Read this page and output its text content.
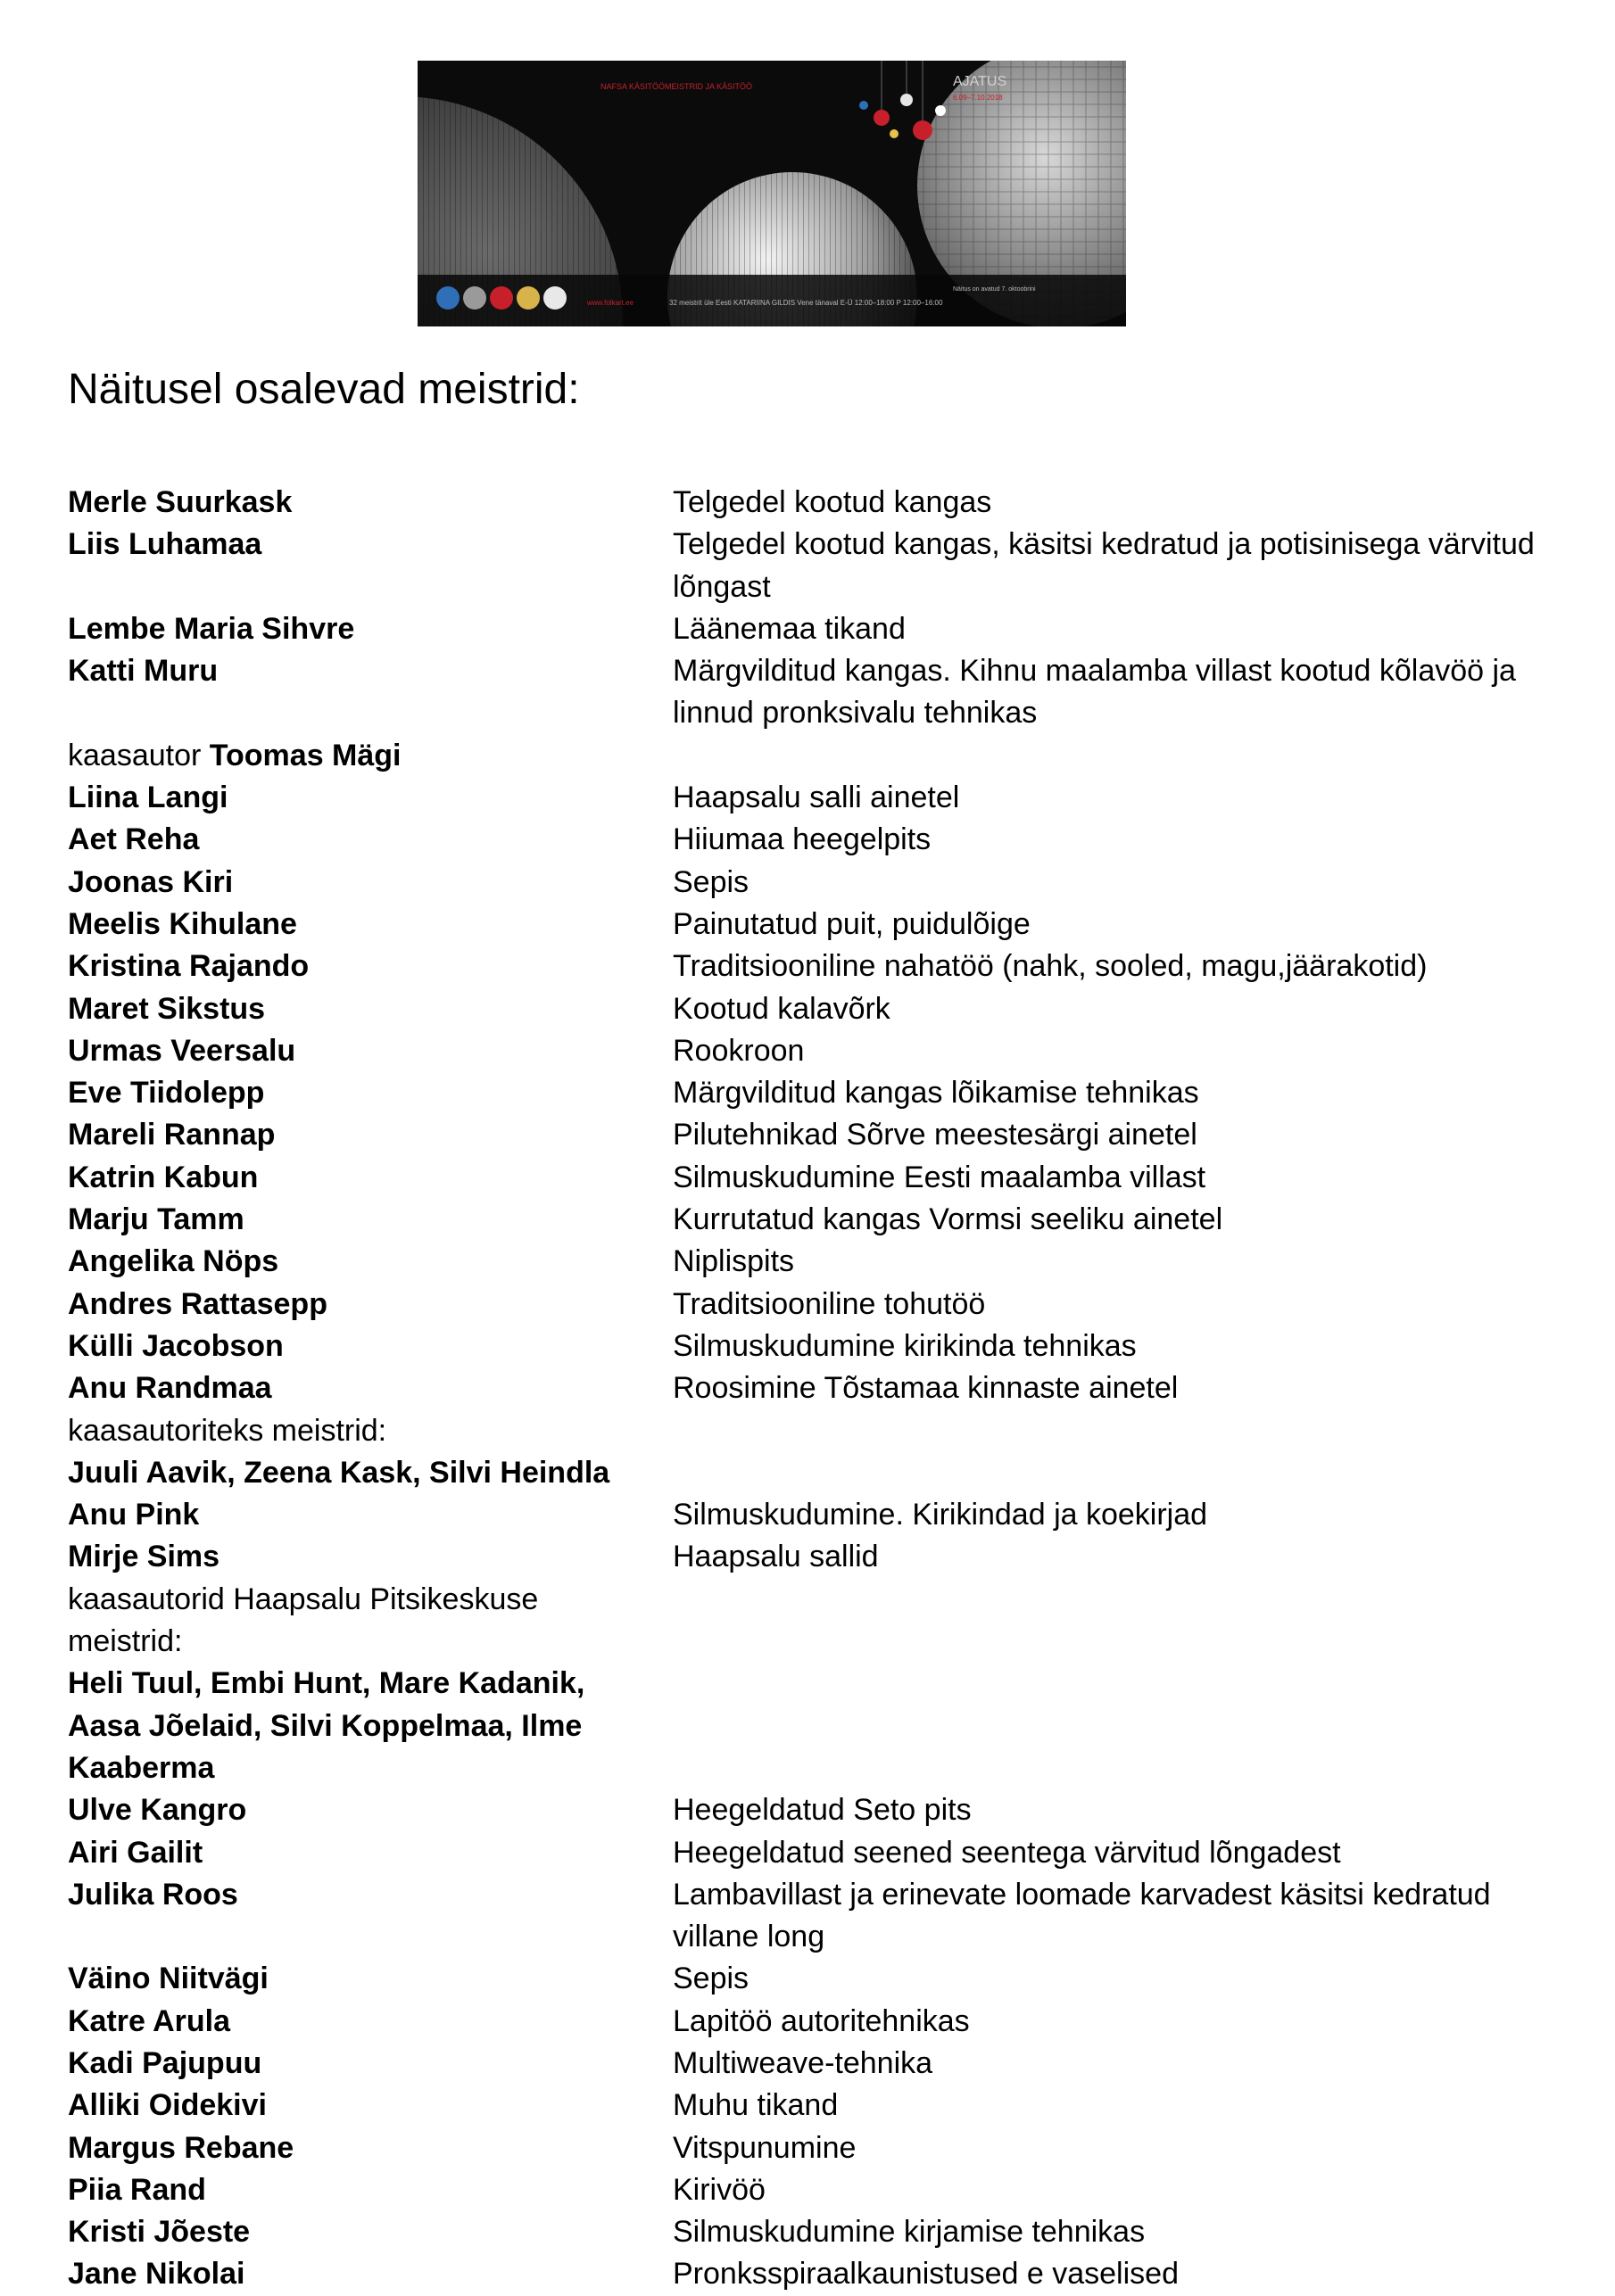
NAFSA KÄSITÖÖMEISTRID JA KÄSITÖÖ	AJATUS
6.09–7.10.2018
www.folkart.ee	32 meistrit üle Eesti KATARIINA GILDIS Vene tänaval E-Ü 12:00–18:00 P 12:00–16:00
Näitus on avatud 7. oktoobrini
Näitusel osalevad meistrid:
Merle Suurkask	Telgedel kootud kangas
Liis Luhamaa	Telgedel kootud kangas, käsitsi kedratud ja potisinisega värvitud
lõngast
Lembe Maria Sihvre	Läänemaa tikand
Katti Muru	Märgvilditud kangas. Kihnu maalamba villast kootud kõlavöö ja
linnud pronksivalu tehnikas
kaasautor Toomas Mägi
Liina Langi	Haapsalu salli ainetel
Aet Reha	Hiiumaa heegelpits
Joonas Kiri	Sepis
Meelis Kihulane	Painutatud puit, puidulõige
Kristina Rajando	Traditsiooniline nahatöö (nahk, sooled, magu,jäärakotid)
Maret Sikstus	Kootud kalavõrk
Urmas Veersalu	Rookroon
Eve Tiidolepp	Märgvilditud kangas lõikamise tehnikas
Mareli Rannap	Pilutehnikad Sõrve meestesärgi ainetel
Katrin Kabun	Silmuskudumine Eesti maalamba villast
Marju Tamm	Kurrutatud kangas Vormsi seeliku ainetel
Angelika Nöps	Niplispits
Andres Rattasepp	Traditsiooniline tohutöö
Külli Jacobson	Silmuskudumine kirikinda tehnikas
Anu Randmaa	Roosimine Tõstamaa kinnaste ainetel
kaasautoriteks meistrid:
Juuli Aavik, Zeena Kask, Silvi Heindla
Anu Pink	Silmuskudumine. Kirikindad ja koekirjad
Mirje Sims	Haapsalu sallid
kaasautorid Haapsalu Pitsikeskuse
meistrid:
Heli Tuul, Embi Hunt, Mare Kadanik,
Aasa Jõelaid, Silvi Koppelmaa, Ilme
Kaaberma
Ulve Kangro	Heegeldatud Seto pits
Airi Gailit	Heegeldatud seened seentega värvitud lõngadest
Julika Roos	Lambavillast ja erinevate loomade karvadest käsitsi kedratud
villane long
Väino Niitvägi	Sepis
Katre Arula	Lapitöö autoritehnikas
Kadi Pajupuu	Multiweave-tehnika
Alliki Oidekivi	Muhu tikand
Margus Rebane	Vitspunumine
Piia Rand	Kirivöö
Kristi Jõeste	Silmuskudumine kirjamise tehnikas
Jane Nikolai	Pronksspiraalkaunistused e vaselised
